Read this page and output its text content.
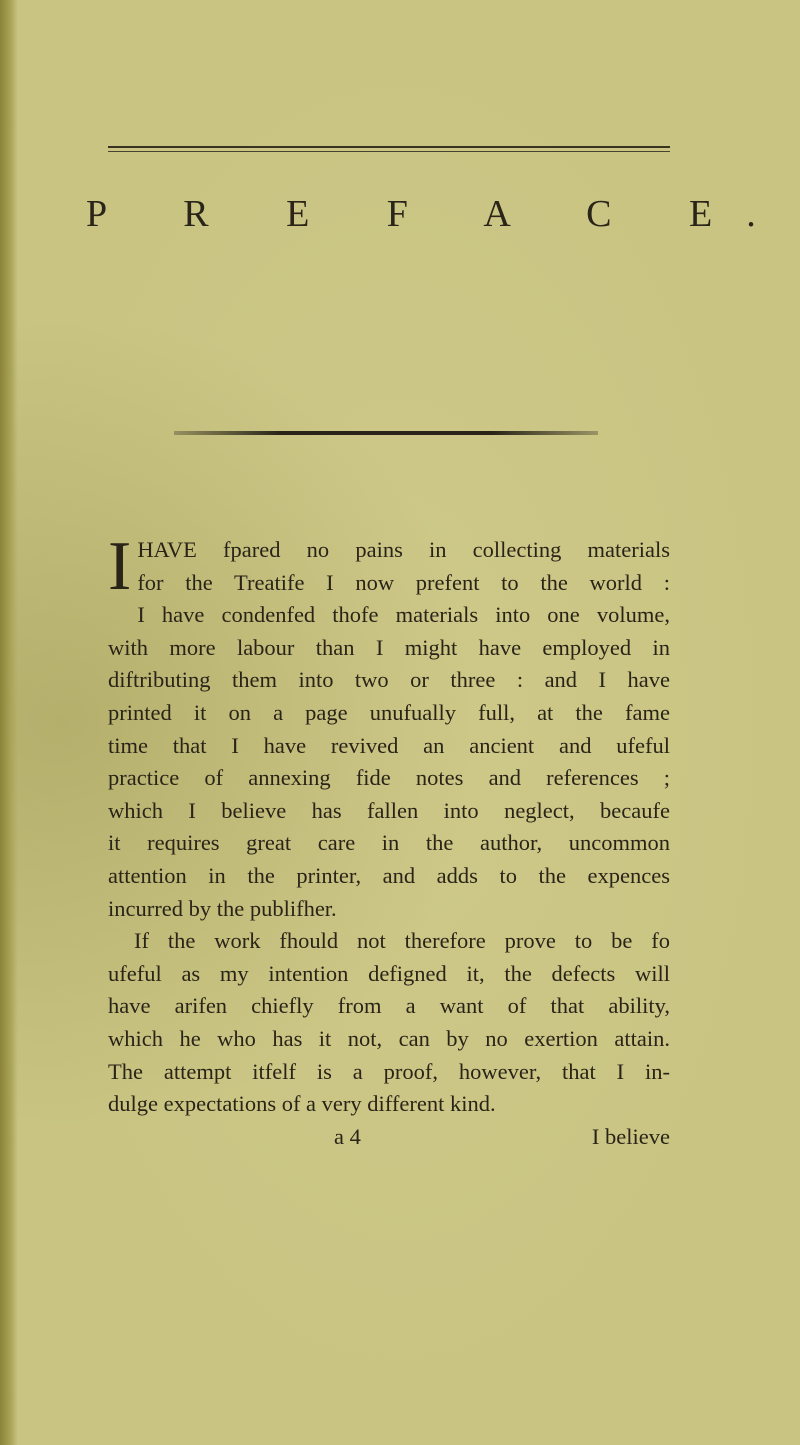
P R E F A C E.
I HAVE fpared no pains in collecting materials
for the Treatife I now prefent to the world :
I have condenfed thofe materials into one volume,
with more labour than I might have employed in
diftributing them into two or three : and I have
printed it on a page unufually full, at the fame
time that I have revived an ancient and ufeful
practice of annexing fide notes and references ;
which I believe has fallen into neglect, becaufe
it requires great care in the author, uncommon
attention in the printer, and adds to the expences
incurred by the publifher.
If the work fhould not therefore prove to be fo
ufeful as my intention defigned it, the defects will
have arifen chiefly from a want of that ability,
which he who has it not, can by no exertion attain.
The attempt itfelf is a proof, however, that I in-
dulge expectations of a very different kind.
a 4	I believe
